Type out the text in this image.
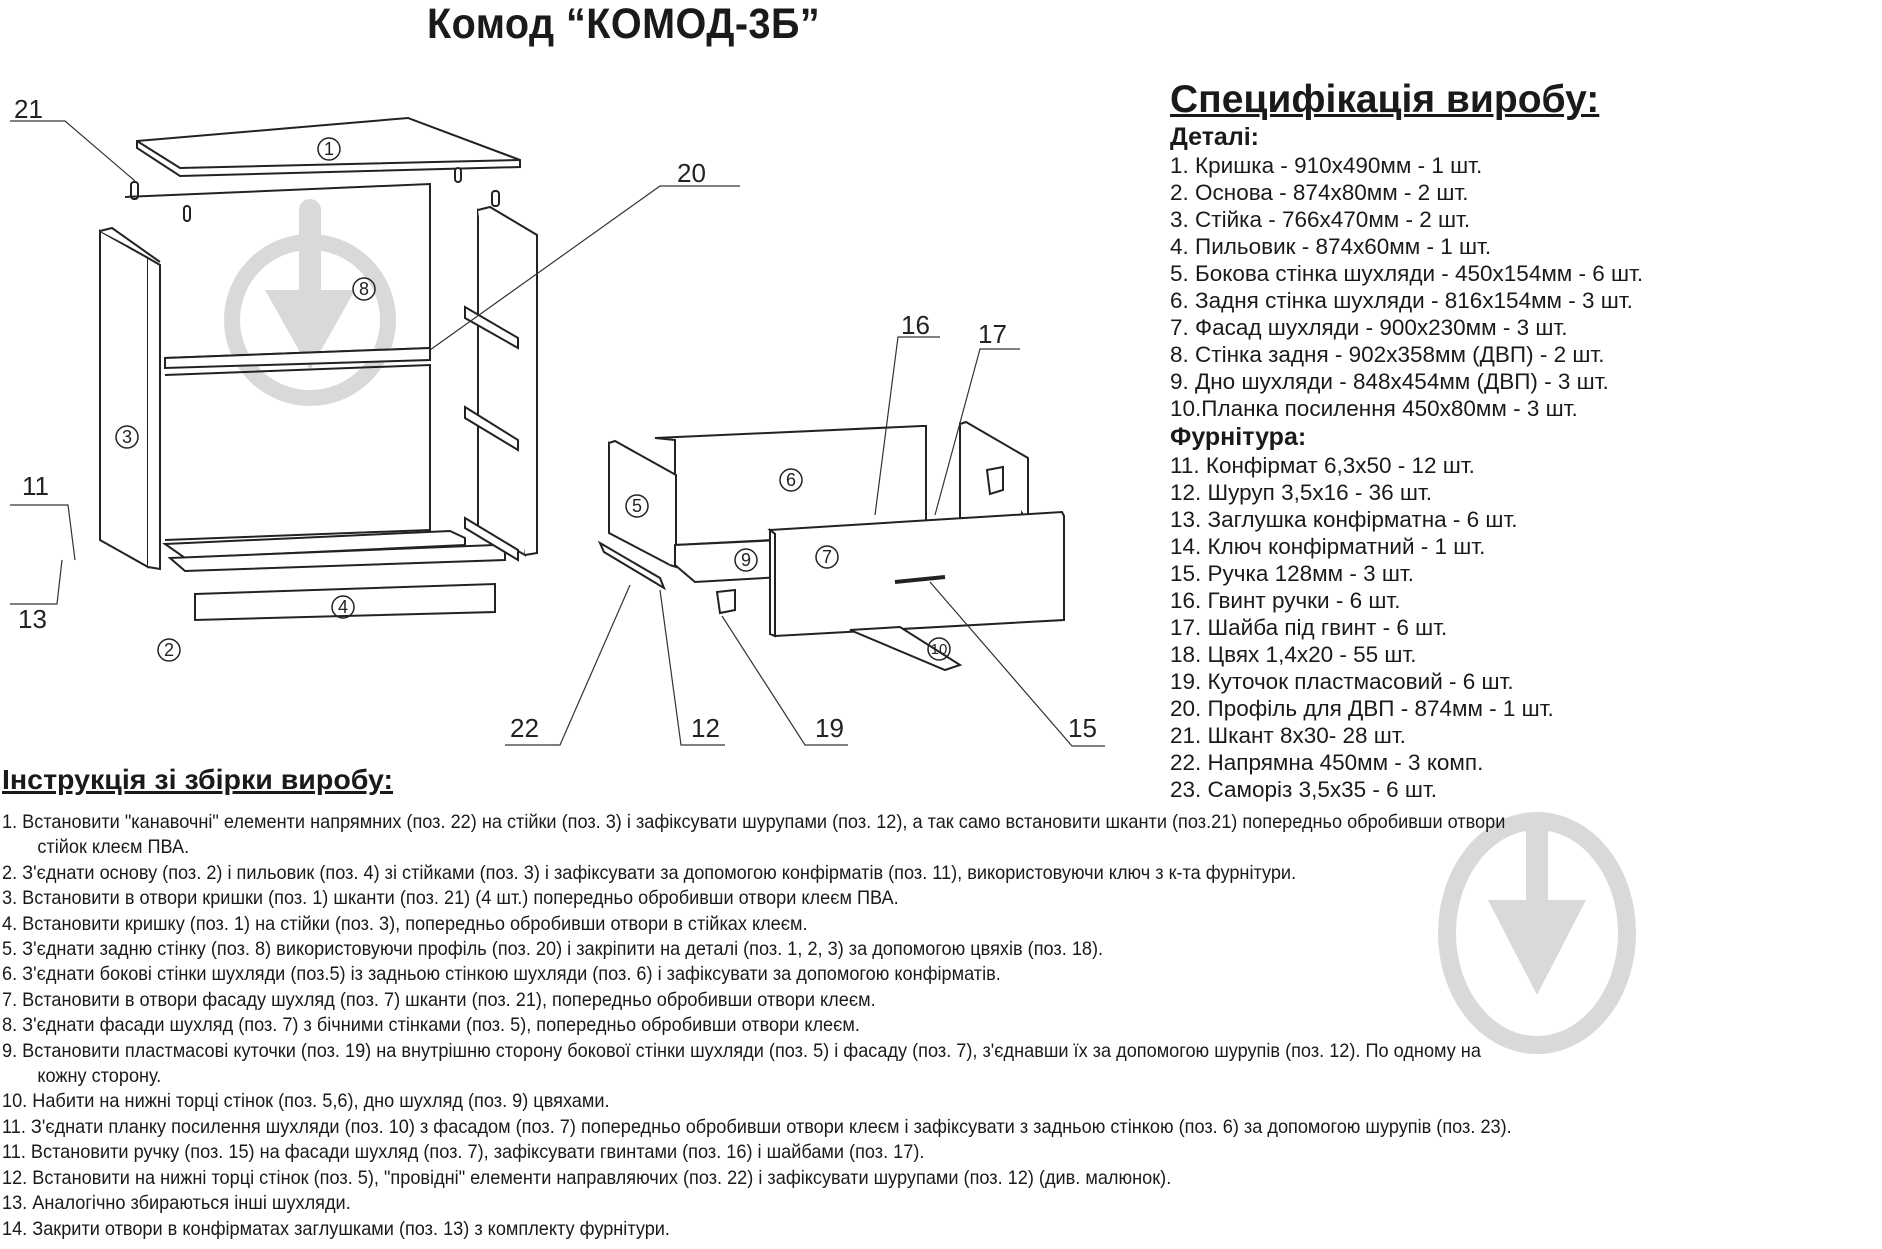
1
2
3
4
5
6
7
8
9
10
21
20
16 17
11
13
22	12	19	15
Комод “КОМОД-3Б”
Специфікація виробу:
Деталі:
1. Кришка - 910х490мм - 1 шт.
2. Основа - 874х80мм - 2 шт.
3. Стійка - 766х470мм - 2 шт.
4. Пильовик - 874х60мм - 1 шт.
5. Бокова стінка шухляди - 450х154мм - 6 шт.
6. Задня стінка шухляди - 816х154мм - 3 шт.
7. Фасад шухляди - 900х230мм - 3 шт.
8. Стінка задня - 902х358мм (ДВП) - 2 шт.
9. Дно шухляди - 848х454мм (ДВП) - 3 шт.
10.Планка посилення 450х80мм - 3 шт.
Фурнітура:
11. Конфірмат 6,3х50 - 12 шт.
12. Шуруп 3,5х16 - 36 шт.
13. Заглушка конфірматна - 6 шт.
14. Ключ конфірматний - 1 шт.
15. Ручка 128мм - 3 шт.
16. Гвинт ручки - 6 шт.
17. Шайба під гвинт - 6 шт.
18. Цвях 1,4х20 - 55 шт.
19. Куточок пластмасовий - 6 шт.
20. Профіль для ДВП - 874мм - 1 шт.
21. Шкант 8х30- 28 шт.
22. Напрямна 450мм - 3 комп.
23. Саморіз 3,5х35 - 6 шт.
Інструкція зі збірки виробу:
1. Встановити "канавочні" елементи напрямних (поз. 22) на стійки (поз. 3) і зафіксувати шурупами (поз. 12), а так само встановити шканти (поз.21) попередньо обробивши отвори
стійок клеєм ПВА.
2. З'єднати основу (поз. 2) і пильовик (поз. 4) зі стійками (поз. 3) і зафіксувати за допомогою конфірматів (поз. 11), використовуючи ключ з к-та фурнітури.
3. Встановити в отвори кришки (поз. 1) шканти (поз. 21) (4 шт.) попередньо обробивши отвори клеєм ПВА.
4. Встановити кришку (поз. 1) на стійки (поз. 3), попередньо обробивши отвори в стійках клеєм.
5. З'єднати задню стінку (поз. 8) використовуючи профіль (поз. 20) і закріпити на деталі (поз. 1, 2, 3) за допомогою цвяхів (поз. 18).
6. З'єднати бокові стінки шухляди (поз.5) із задньою стінкою шухляди (поз. 6) і зафіксувати за допомогою конфірматів.
7. Встановити в отвори фасаду шухляд (поз. 7) шканти (поз. 21), попередньо обробивши отвори клеєм.
8. З'єднати фасади шухляд (поз. 7) з бічними стінками (поз. 5), попередньо обробивши отвори клеєм.
9. Встановити пластмасові куточки (поз. 19) на внутрішню сторону бокової стінки шухляди (поз. 5) і фасаду (поз. 7), з'єднавши їх за допомогою шурупів (поз. 12). По одному на
кожну сторону.
10. Набити на нижні торці стінок (поз. 5,6), дно шухляд (поз. 9) цвяхами.
11. З'єднати планку посилення шухляди (поз. 10) з фасадом (поз. 7) попередньо обробивши отвори клеєм і зафіксувати з задньою стінкою (поз. 6) за допомогою шурупів (поз. 23).
11. Встановити ручку (поз. 15) на фасади шухляд (поз. 7), зафіксувати гвинтами (поз. 16) і шайбами (поз. 17).
12. Встановити на нижні торці стінок (поз. 5), "провідні" елементи направляючих (поз. 22) і зафіксувати шурупами (поз. 12) (див. малюнок).
13. Аналогічно збираються інші шухляди.
14. Закрити отвори в конфірматах заглушками (поз. 13) з комплекту фурнітури.
